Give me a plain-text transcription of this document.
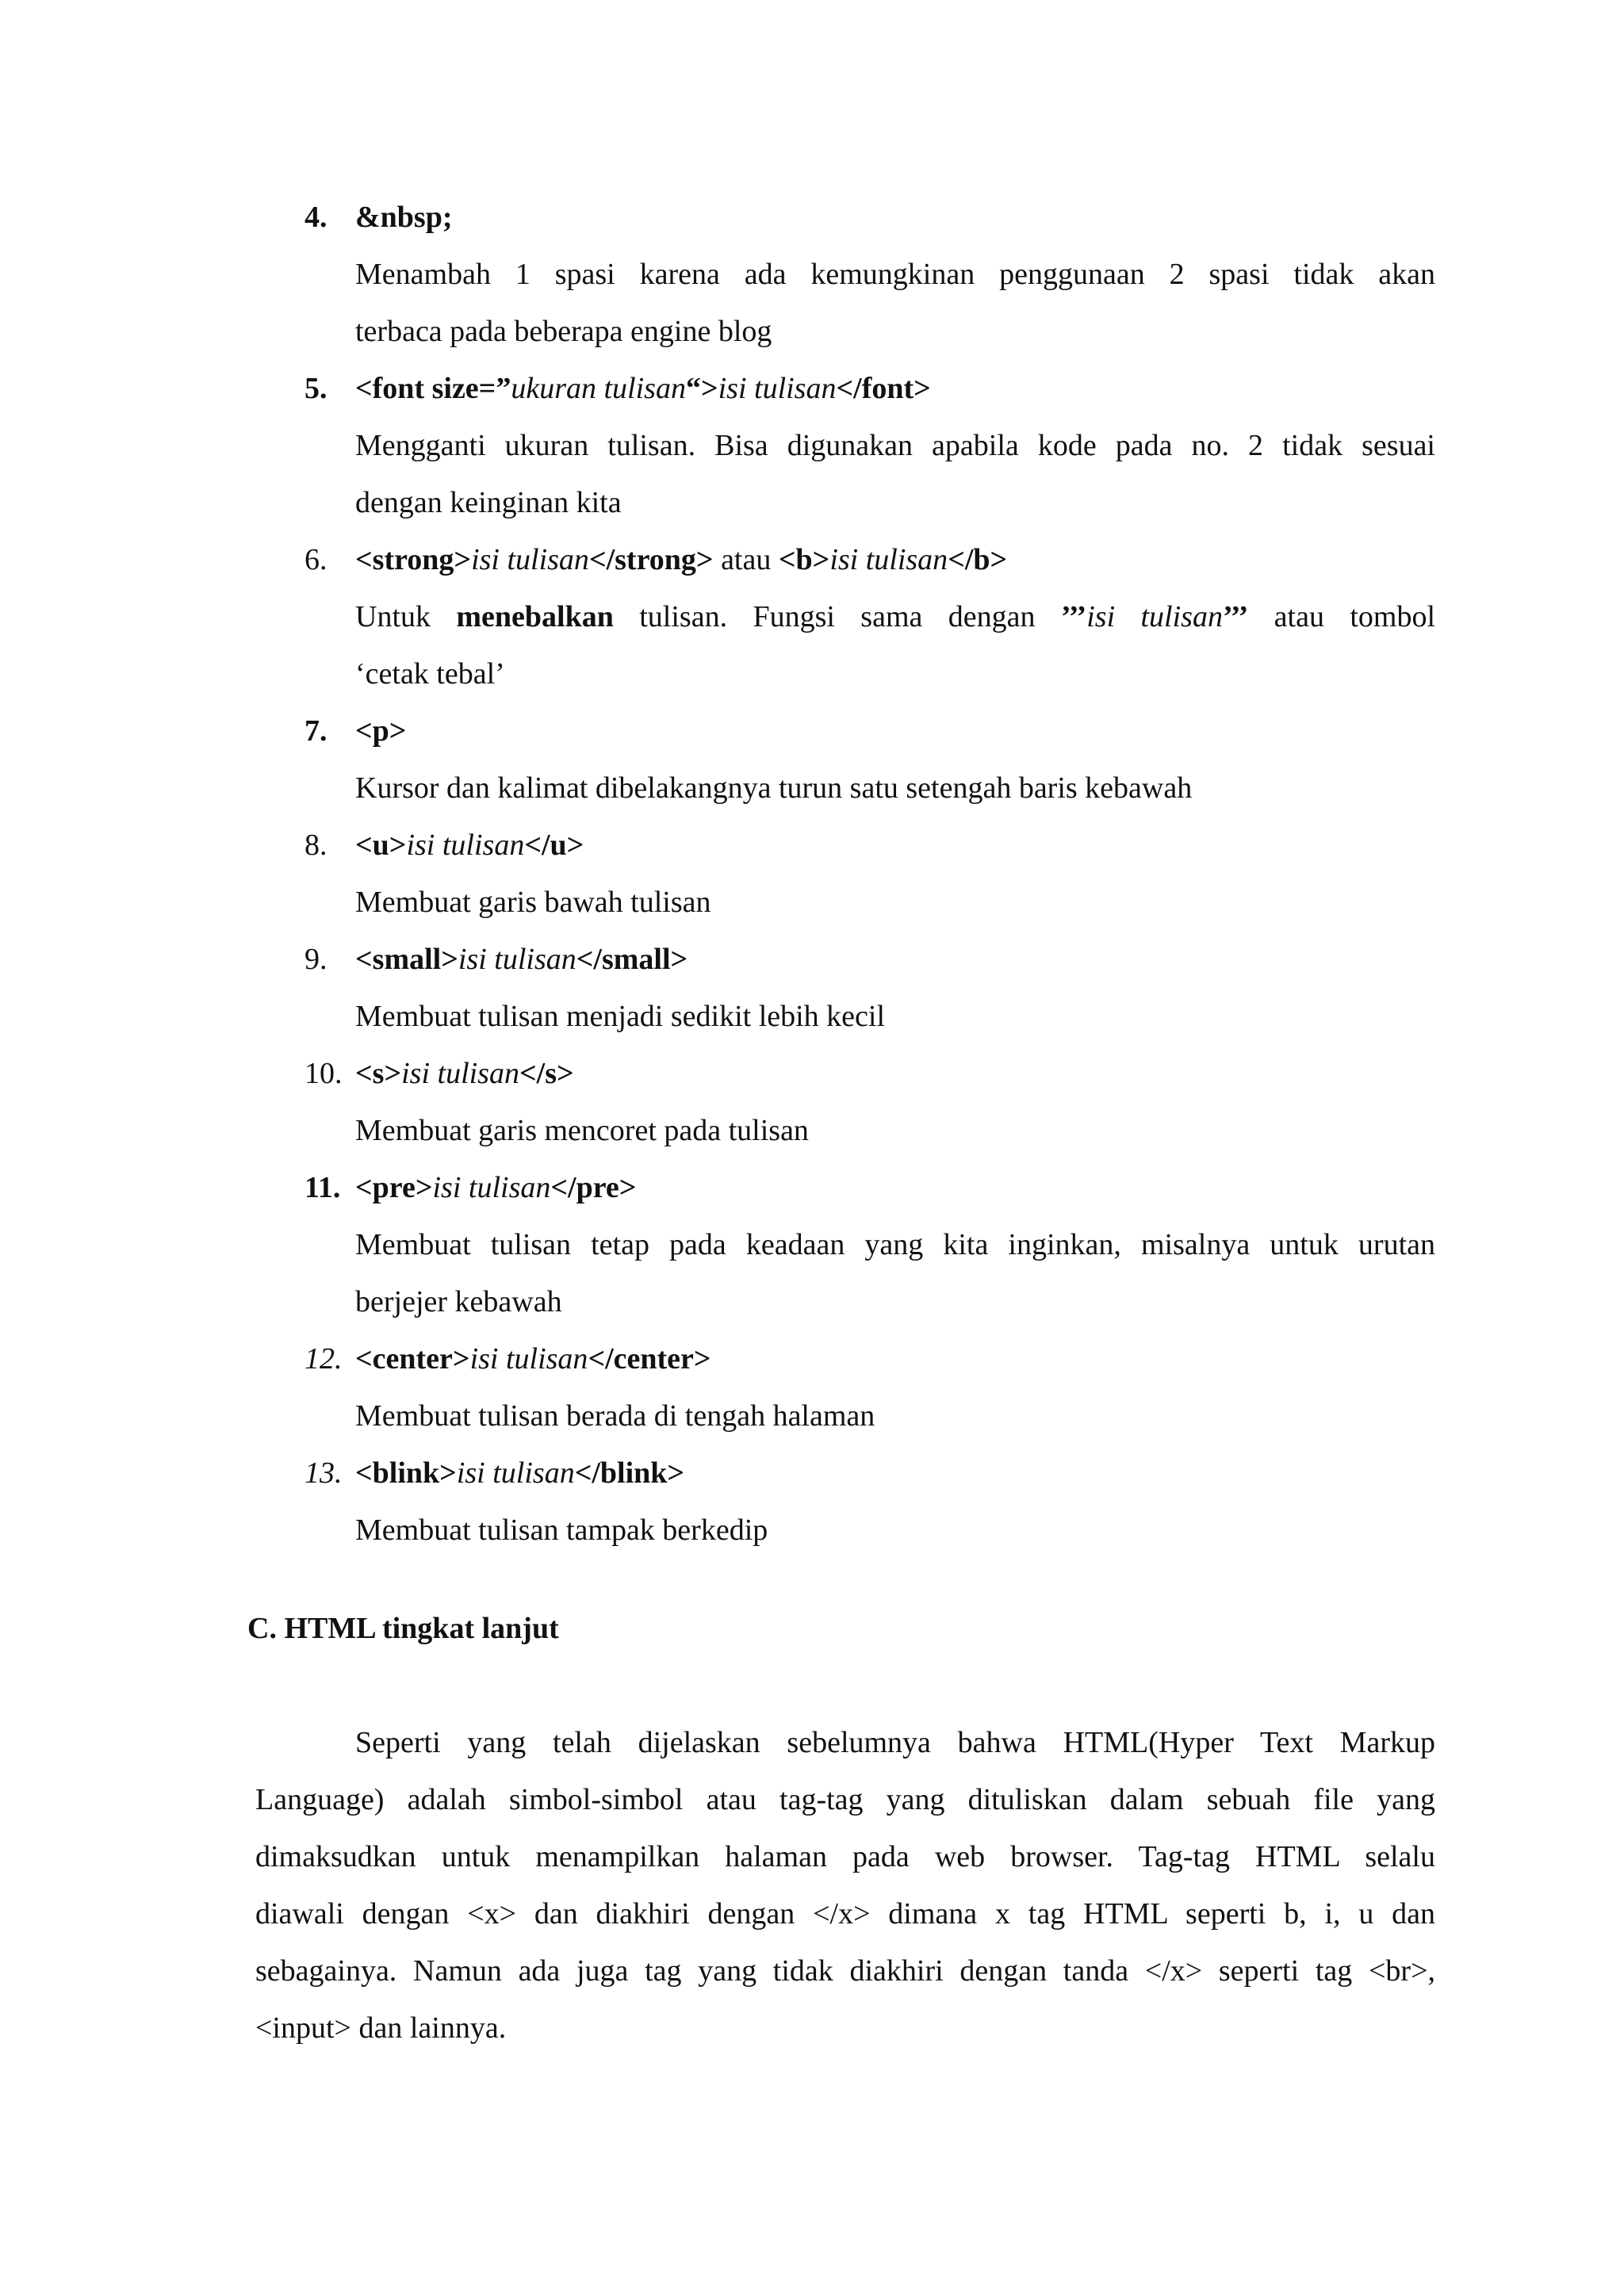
4. &nbsp;
Menambah 1 spasi karena ada kemungkinan penggunaan 2 spasi tidak akan
terbaca pada beberapa engine blog
5. <font size=”ukuran tulisan“>isi tulisan</font>
Mengganti ukuran tulisan. Bisa digunakan apabila kode pada no. 2 tidak sesuai
dengan keinginan kita
6. <strong>isi tulisan</strong> atau <b>isi tulisan</b>
Untuk menebalkan tulisan. Fungsi sama dengan ’’’isi tulisan’’’ atau tombol
‘cetak tebal’
7. <p>
Kursor dan kalimat dibelakangnya turun satu setengah baris kebawah
8. <u>isi tulisan</u>
Membuat garis bawah tulisan
9. <small>isi tulisan</small>
Membuat tulisan menjadi sedikit lebih kecil
10. <s>isi tulisan</s>
Membuat garis mencoret pada tulisan
11. <pre>isi tulisan</pre>
Membuat tulisan tetap pada keadaan yang kita inginkan, misalnya untuk urutan
berjejer kebawah
12. <center>isi tulisan</center>
Membuat tulisan berada di tengah halaman
13. <blink>isi tulisan</blink>
Membuat tulisan tampak berkedip
C. HTML tingkat lanjut
Seperti yang telah dijelaskan sebelumnya bahwa HTML(Hyper Text Markup
Language) adalah simbol-simbol atau tag-tag yang dituliskan dalam sebuah file yang
dimaksudkan untuk menampilkan halaman pada web browser. Tag-tag HTML selalu
diawali dengan <x> dan diakhiri dengan </x> dimana x tag HTML seperti b, i, u dan
sebagainya. Namun ada juga tag yang tidak diakhiri dengan tanda </x> seperti tag <br>,
<input> dan lainnya.
